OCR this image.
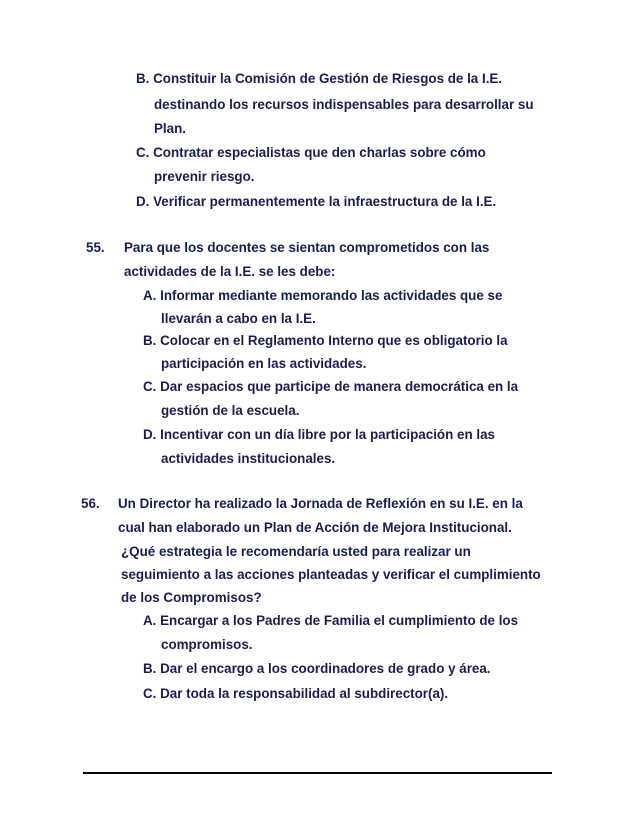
B. Constituir la Comisión de Gestión de Riesgos de la I.E.
destinando los recursos indispensables para desarrollar su
Plan.
C. Contratar especialistas que den charlas sobre cómo
prevenir riesgo.
D. Verificar permanentemente la infraestructura de la I.E.
55. Para que los docentes se sientan comprometidos con las
actividades de la I.E. se les debe:
A. Informar mediante memorando las actividades que se
llevarán a cabo en la I.E.
B. Colocar en el Reglamento Interno que es obligatorio la
participación en las actividades.
C. Dar espacios que participe de manera democrática en la
gestión de la escuela.
D. Incentivar con un día libre por la participación en las
actividades institucionales.
56. Un Director ha realizado la Jornada de Reflexión en su I.E. en la
cual han elaborado un Plan de Acción de Mejora Institucional.
¿Qué estrategia le recomendaría usted para realizar un
seguimiento a las acciones planteadas y verificar el cumplimiento
de los Compromisos?
A. Encargar a los Padres de Familia el cumplimiento de los
compromisos.
B. Dar el encargo a los coordinadores de grado y área.
C. Dar toda la responsabilidad al subdirector(a).
